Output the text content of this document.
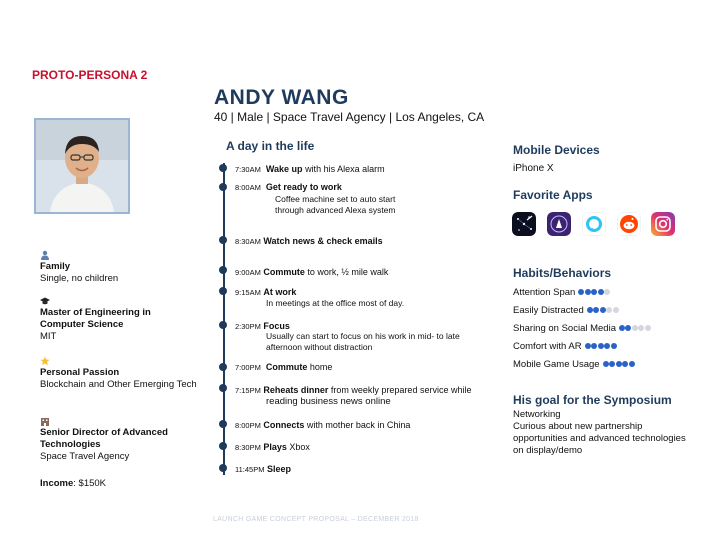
PROTO-PERSONA 2
ANDY WANG
40 | Male | Space Travel Agency | Los Angeles, CA
Family
Single, no children
Master of Engineering in
Computer Science
MIT
Personal Passion
Blockchain and Other Emerging Tech
Senior Director of Advanced
Technologies
Space Travel Agency
Income: $150K
A day in the life
7:30AM Wake up with his Alexa alarm
8:00AM Get ready to work
Coffee machine set to auto start
through advanced Alexa system
8:30AM Watch news & check emails
9:00AM Commute to work, ½ mile walk
9:15AM At work
In meetings at the office most of day.
2:30PM Focus
Usually can start to focus on his work in mid- to late
afternoon without distraction
7:00PM Commute home
7:15PM Reheats dinner from weekly prepared service while
reading business news online
8:00PM Connects with mother back in China
8:30PM Plays Xbox
11:45PM Sleep
Mobile Devices
iPhone X
Favorite Apps
Habits/Behaviors
Attention Span
Easily Distracted
Sharing on Social Media
Comfort with AR
Mobile Game Usage
His goal for the Symposium
Networking
Curious about new partnership
opportunities and advanced technologies
on display/demo
LAUNCH GAME CONCEPT PROPOSAL – DECEMBER 2018
